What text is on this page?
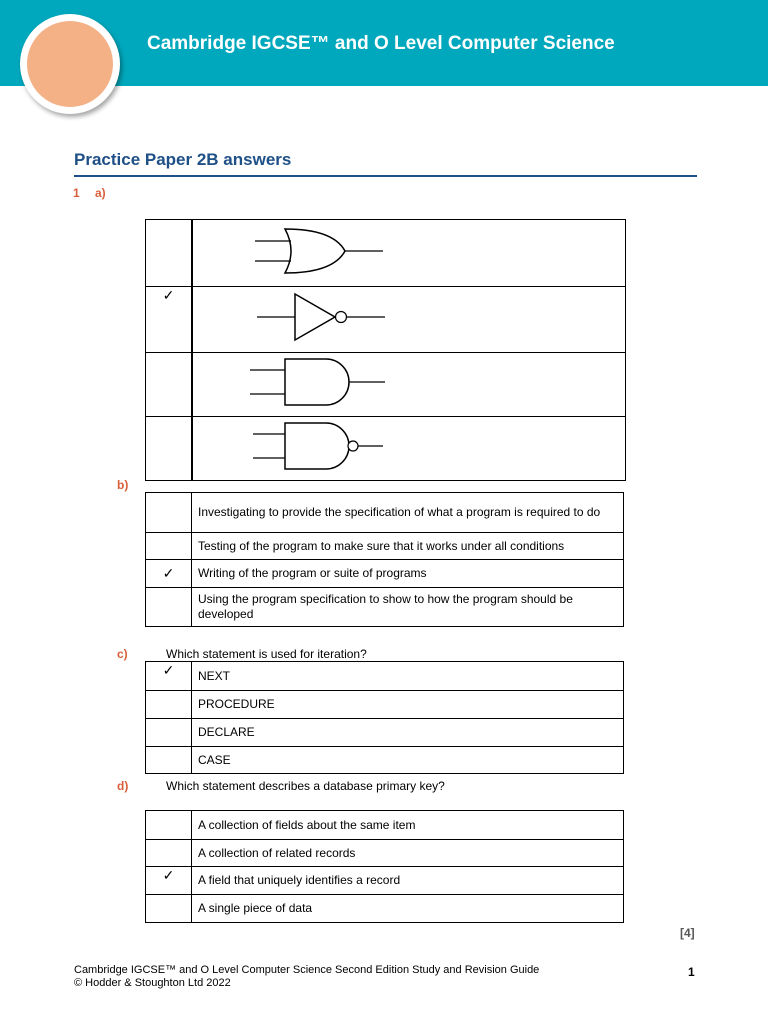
Cambridge IGCSE™ and O Level Computer Science
Practice Paper 2B answers
1 a)

✓	

b)
	Investigating to provide the specification of what a program is required to do
	Testing of the program to make sure that it works under all conditions
✓	Writing of the program or suite of programs
	Using the program specification to show to how the program should be developed
c)	Which statement is used for iteration?
✓	NEXT
	PROCEDURE
	DECLARE
	CASE
d)	Which statement describes a database primary key?
	A collection of fields about the same item
	A collection of related records
✓	A field that uniquely identifies a record
	A single piece of data
[4]
Cambridge IGCSE™ and O Level Computer Science Second Edition Study and Revision Guide
© Hodder & Stoughton Ltd 2022
1
